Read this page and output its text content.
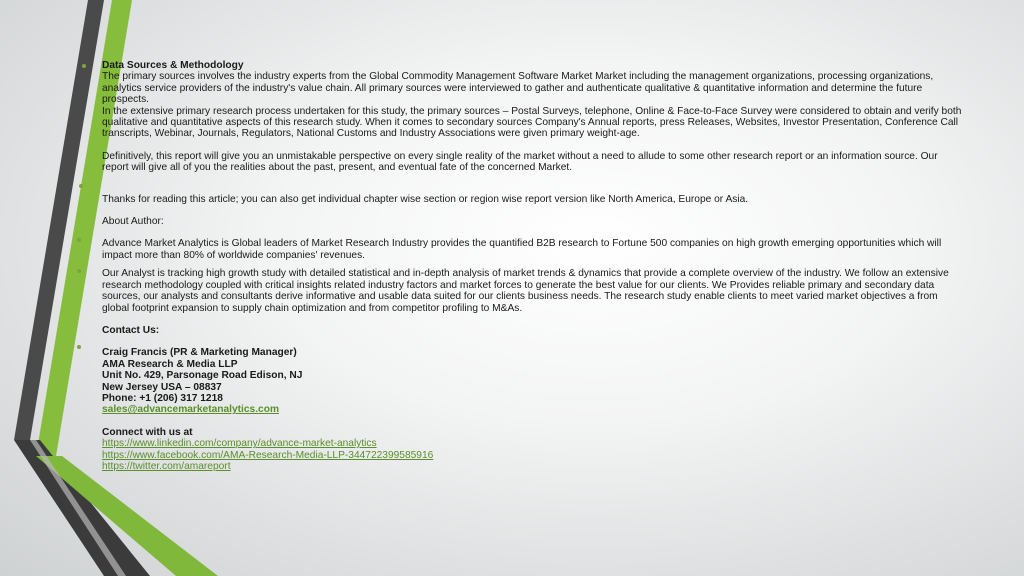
Data Sources & Methodology

The primary sources involves the industry experts from the Global Commodity Management Software Market Market including the management organizations, processing organizations, analytics service providers of the industry's value chain. All primary sources were interviewed to gather and authenticate qualitative & quantitative information and determine the future prospects.

In the extensive primary research process undertaken for this study, the primary sources – Postal Surveys, telephone, Online & Face-to-Face Survey were considered to obtain and verify both qualitative and quantitative aspects of this research study. When it comes to secondary sources Company's Annual reports, press Releases, Websites, Investor Presentation, Conference Call transcripts, Webinar, Journals, Regulators, National Customs and Industry Associations were given primary weight-age.

Definitively, this report will give you an unmistakable perspective on every single reality of the market without a need to allude to some other research report or an information source. Our report will give all of you the realities about the past, present, and eventual fate of the concerned Market.

Thanks for reading this article; you can also get individual chapter wise section or region wise report version like North America, Europe or Asia.

About Author:

Advance Market Analytics is Global leaders of Market Research Industry provides the quantified B2B research to Fortune 500 companies on high growth emerging opportunities which will impact more than 80% of worldwide companies' revenues.

Our Analyst is tracking high growth study with detailed statistical and in-depth analysis of market trends & dynamics that provide a complete overview of the industry. We follow an extensive research methodology coupled with critical insights related industry factors and market forces to generate the best value for our clients. We Provides reliable primary and secondary data sources, our analysts and consultants derive informative and usable data suited for our clients business needs. The research study enable clients to meet varied market objectives a from global footprint expansion to supply chain optimization and from competitor profiling to M&As.

Contact Us:

Craig Francis (PR & Marketing Manager)

AMA Research & Media LLP

Unit No. 429, Parsonage Road Edison, NJ

New Jersey USA – 08837

Phone: +1 (206) 317 1218

sales@advancemarketanalytics.com

Connect with us at

https://www.linkedin.com/company/advance-market-analytics

https://www.facebook.com/AMA-Research-Media-LLP-344722399585916

https://twitter.com/amareport
